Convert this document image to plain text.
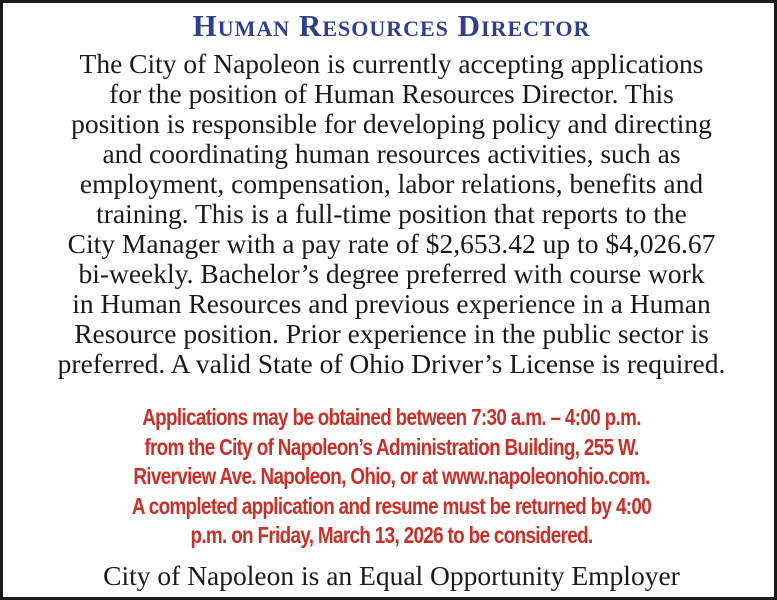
Human Resources Director
The City of Napoleon is currently accepting applications
for the position of Human Resources Director. This
position is responsible for developing policy and directing
and coordinating human resources activities, such as
employment, compensation, labor relations, benefits and
training. This is a full-time position that reports to the
City Manager with a pay rate of $2,653.42 up to $4,026.67
bi-weekly. Bachelor’s degree preferred with course work
in Human Resources and previous experience in a Human
Resource position. Prior experience in the public sector is
preferred. A valid State of Ohio Driver’s License is required.
Applications may be obtained between 7:30 a.m. – 4:00 p.m.
from the City of Napoleon’s Administration Building, 255 W.
Riverview Ave. Napoleon, Ohio, or at www.napoleonohio.com.
A completed application and resume must be returned by 4:00
p.m. on Friday, March 13, 2026 to be considered.

City of Napoleon is an Equal Opportunity Employer
